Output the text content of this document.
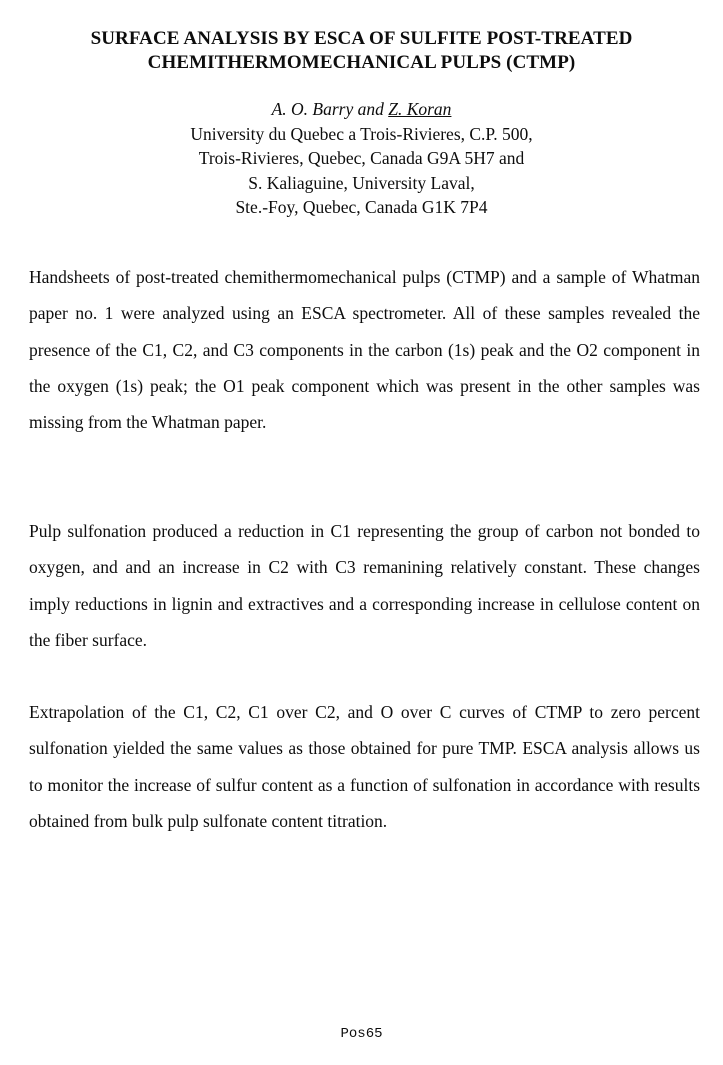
SURFACE ANALYSIS BY ESCA OF SULFITE POST-TREATED
CHEMITHERMOMECHANICAL PULPS (CTMP)
A. O. Barry and Z. Koran
University du Quebec a Trois-Rivieres, C.P. 500,
Trois-Rivieres, Quebec, Canada G9A 5H7 and
S. Kaliaguine, University Laval,
Ste.-Foy, Quebec, Canada G1K 7P4

Handsheets of post-treated chemithermomechanical pulps (CTMP) and a sample of Whatman paper no. 1 were analyzed using an ESCA spectrometer. All of these samples revealed the presence of the C1, C2, and C3 components in the carbon (1s) peak and the O2 component in the oxygen (1s) peak; the O1 peak component which was present in the other samples was missing from the Whatman paper.

Pulp sulfonation produced a reduction in C1 representing the group of carbon not bonded to oxygen, and and an increase in C2 with C3 remanining relatively constant. These changes imply reductions in lignin and extractives and a corresponding increase in cellulose content on the fiber surface.

Extrapolation of the C1, C2, C1 over C2, and O over C curves of CTMP to zero percent sulfonation yielded the same values as those obtained for pure TMP. ESCA analysis allows us to monitor the increase of sulfur content as a function of sulfonation in accordance with results obtained from bulk pulp sulfonate content titration.

Pos65
